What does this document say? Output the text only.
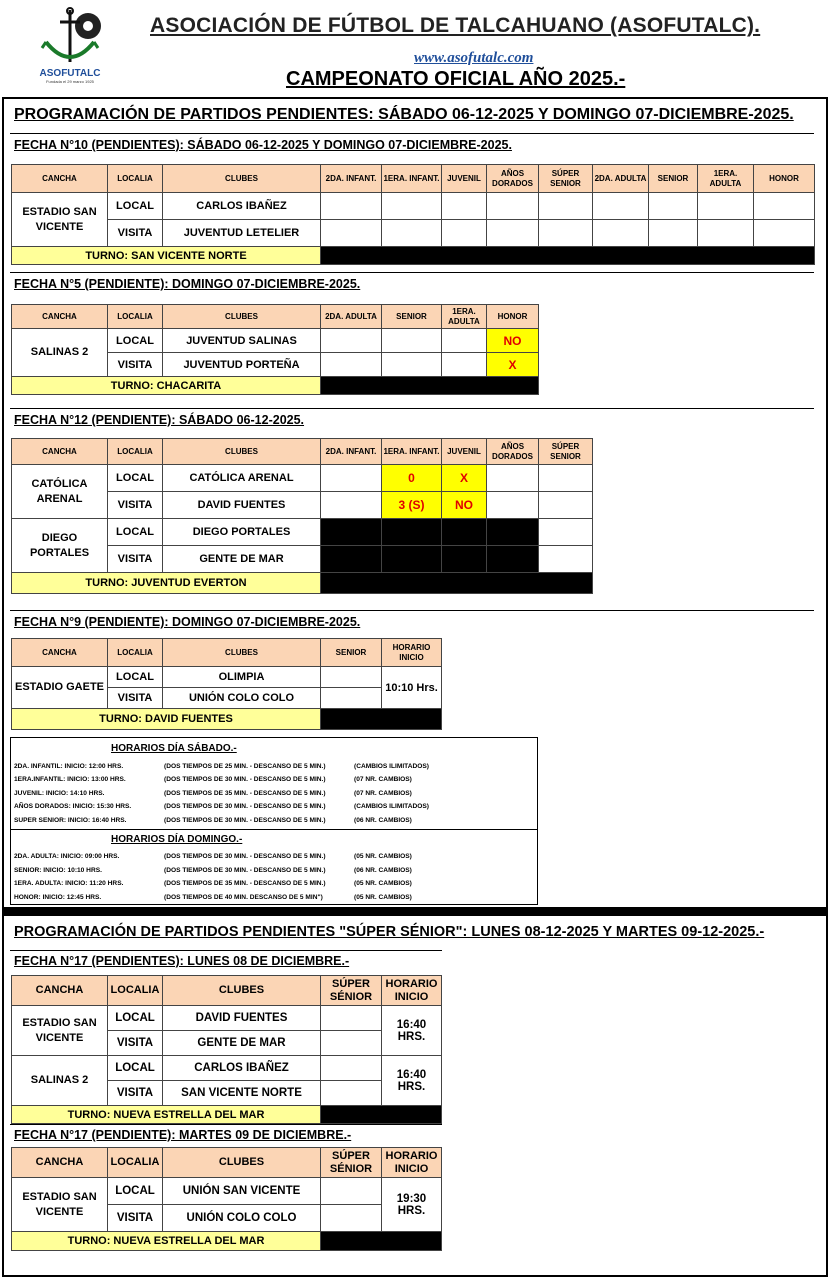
ASOFUTALC
Fundada el 29 marzo 1925
ASOCIACIÓN DE FÚTBOL DE TALCAHUANO (ASOFUTALC).
www.asofutalc.com
CAMPEONATO OFICIAL AÑO 2025.-
PROGRAMACIÓN DE PARTIDOS PENDIENTES: SÁBADO 06-12-2025 Y DOMINGO 07-DICIEMBRE-2025.
FECHA N°10 (PENDIENTES): SÁBADO 06-12-2025 Y DOMINGO 07-DICIEMBRE-2025.
CANCHA	LOCALIA	CLUBES	2DA. INFANT.	1ERA. INFANT.	JUVENIL	AÑOS DORADOS	SÚPER SENIOR	2DA. ADULTA	SENIOR	1ERA. ADULTA	HONOR
ESTADIO SAN VICENTE	LOCAL	CARLOS IBAÑEZ									
	VISITA	JUVENTUD LETELIER									
TURNO: SAN VICENTE NORTE											
FECHA N°5 (PENDIENTE): DOMINGO 07-DICIEMBRE-2025.
CANCHA	LOCALIA	CLUBES	2DA. ADULTA	SENIOR	1ERA. ADULTA	HONOR
SALINAS 2	LOCAL	JUVENTUD SALINAS				NO
	VISITA	JUVENTUD PORTEÑA				X
TURNO: CHACARITA						
FECHA N°12 (PENDIENTE): SÁBADO 06-12-2025.
CANCHA	LOCALIA	CLUBES	2DA. INFANT.	1ERA. INFANT.	JUVENIL	AÑOS DORADOS	SÚPER SENIOR
CATÓLICA ARENAL	LOCAL	CATÓLICA ARENAL		0	X		
	VISITA	DAVID FUENTES		3 (S)	NO		
DIEGO PORTALES	LOCAL	DIEGO PORTALES					
	VISITA	GENTE DE MAR					
TURNO: JUVENTUD EVERTON							
FECHA N°9 (PENDIENTE): DOMINGO 07-DICIEMBRE-2025.
CANCHA	LOCALIA	CLUBES	SENIOR	HORARIO INICIO
ESTADIO GAETE	LOCAL	OLIMPIA		10:10 Hrs.
	VISITA	UNIÓN COLO COLO		
TURNO: DAVID FUENTES				
HORARIOS DÍA SÁBADO.-
2DA. INFANTIL: INICIO: 12:00 HRS.	(DOS TIEMPOS DE 25 MIN. - DESCANSO DE 5 MIN.)	(CAMBIOS ILIMITADOS)
1ERA.INFANTIL: INICIO: 13:00 HRS.	(DOS TIEMPOS DE 30 MIN. - DESCANSO DE 5 MIN.)	(07 NR. CAMBIOS)
JUVENIL: INICIO: 14:10 HRS.	(DOS TIEMPOS DE 35 MIN. - DESCANSO DE 5 MIN.)	(07 NR. CAMBIOS)
AÑOS DORADOS: INICIO: 15:30 HRS.	(DOS TIEMPOS DE 30 MIN. - DESCANSO DE 5 MIN.)	(CAMBIOS ILIMITADOS)
SUPER SENIOR: INICIO: 16:40 HRS.	(DOS TIEMPOS DE 30 MIN. - DESCANSO DE 5 MIN.)	(06 NR. CAMBIOS)
HORARIOS DÍA DOMINGO.-
2DA. ADULTA: INICIO: 09:00 HRS.	(DOS TIEMPOS DE 30 MIN. - DESCANSO DE 5 MIN.)	(05 NR. CAMBIOS)
SENIOR: INICIO: 10:10 HRS.	(DOS TIEMPOS DE 30 MIN. - DESCANSO DE 5 MIN.)	(06 NR. CAMBIOS)
1ERA. ADULTA: INICIO: 11:20 HRS.	(DOS TIEMPOS DE 35 MIN. - DESCANSO DE 5 MIN.)	(05 NR. CAMBIOS)
HONOR: INICIO: 12:45 HRS.	(DOS TIEMPOS DE 40 MIN. DESCANSO DE 5 MIN")	(05 NR. CAMBIOS)
PROGRAMACIÓN DE PARTIDOS PENDIENTES "SÚPER SÉNIOR": LUNES 08-12-2025 Y MARTES 09-12-2025.-
FECHA N°17 (PENDIENTES): LUNES 08 DE DICIEMBRE.-
CANCHA	LOCALIA	CLUBES	SÚPER SÉNIOR	HORARIO INICIO
ESTADIO SAN VICENTE	LOCAL	DAVID FUENTES		16:40 HRS.
	VISITA	GENTE DE MAR		
SALINAS 2	LOCAL	CARLOS IBAÑEZ		16:40 HRS.
	VISITA	SAN VICENTE NORTE		
TURNO: NUEVA ESTRELLA DEL MAR				
FECHA N°17 (PENDIENTE): MARTES 09 DE DICIEMBRE.-
CANCHA	LOCALIA	CLUBES	SÚPER SÉNIOR	HORARIO INICIO
ESTADIO SAN VICENTE	LOCAL	UNIÓN SAN VICENTE		19:30 HRS.
	VISITA	UNIÓN COLO COLO		
TURNO: NUEVA ESTRELLA DEL MAR				
